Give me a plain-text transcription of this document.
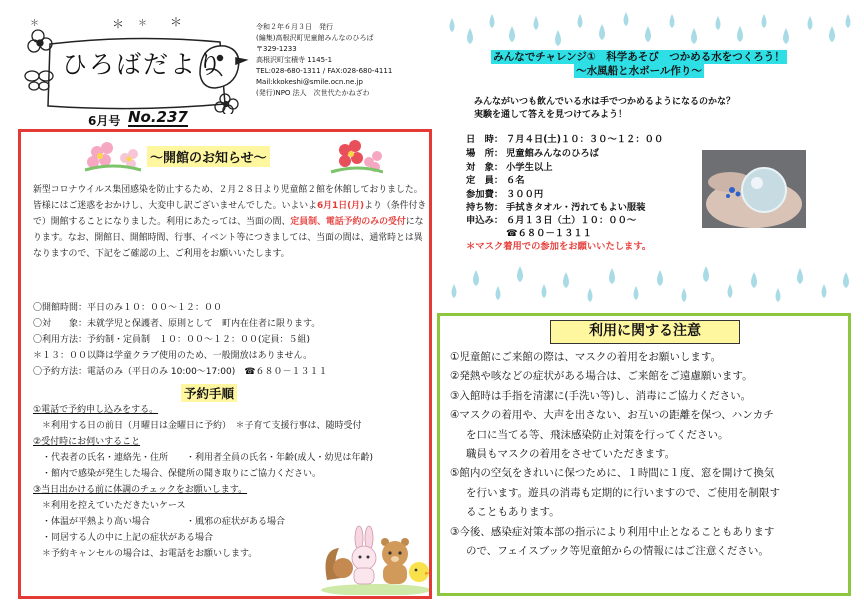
＊ ＊ ＊
＊
ひろばだより
令和２年６月３日　発行
(編集)高根沢町児童館みんなのひろば
〒329-1233
高根沢町宝積寺 1145-1
TEL:028-680-1311 / FAX:028-680-4111
Mail:kkokeshi@smile.ocn.ne.jp
(発行)NPO 法人　次世代たかねざわ
6月号 No.237
～開館のお知らせ～
新型コロナウイルス集団感染を防止するため、２月２８日より児童館２館を休館しておりました。皆様にはご迷惑をおかけし、大変申し訳ございませんでした。いよいよ6月1日(月)より（条件付きで）開館することになりました。利用にあたっては、当面の間、定員制、電話予約のみの受付になります。なお、開館日、開館時間、行事、イベント等につきましては、当面の間は、通常時とは異なりますので、下記をご確認の上、ご利用をお願いいたします。
〇開館時間：平日のみ１０：００～１２：００
〇対　　象：未就学児と保護者、原則として　町内在住者に限ります。
〇利用方法：予約制・定員制　１０：００～１２：００(定員：５組)
＊１３：００以降は学童クラブ使用のため、一般開放はありません。
〇予約方法：電話のみ（平日のみ 10:00～17:00)　☎６８０－１３１１
予約手順
①電話で予約申し込みをする。
　＊利用する日の前日（月曜日は金曜日に予約）　＊子育て支援行事は、随時受付
②受付時にお伺いすること
　・代表者の氏名・連絡先・住所　　・利用者全員の氏名・年齢(成人・幼児は年齢)
　・館内で感染が発生した場合、保健所の聞き取りにご協力ください。
③当日出かける前に体調のチェックをお願いします。
　＊利用を控えていただきたいケース
　・体温が平熱より高い場合　　　　・風邪の症状がある場合
　・同居する人の中に上記の症状がある場合
　＊予約キャンセルの場合は、お電話をお願いします。
みんなでチャレンジ①　科学あそび　つかめる水をつくろう！
～水風船と水ボール作り～
みんながいつも飲んでいる水は手でつかめるようになるのかな？
実験を通して答えを見つけてみよう！
日　時： ７月４日(土)１０：３０～１２：００
場　所： 児童館みんなのひろば
対　象： 小学生以上
定　員： ６名
参加費： ３００円
持ち物： 手拭きタオル・汚れてもよい服装
申込み： ６月１３日（土）１０：００～
☎６８０－１３１１
＊マスク着用での参加をお願いいたします。
利用に関する注意
①児童館にご来館の際は、マスクの着用をお願いします。
②発熱や咳などの症状がある場合は、ご来館をご遠慮願います。
③入館時は手指を清潔に(手洗い等)し、消毒にご協力ください。
④マスクの着用や、大声を出さない、お互いの距離を保つ、ハンカチ
を口に当てる等、飛沫感染防止対策を行ってください。
職員もマスクの着用をさせていただきます。
⑤館内の空気をきれいに保つために、１時間に１度、窓を開けて換気
を行います。遊具の消毒も定期的に行いますので、ご使用を制限す
ることもあります。
③今後、感染症対策本部の指示により利用中止となることもあります
ので、フェイスブック等児童館からの情報にはご注意ください。
